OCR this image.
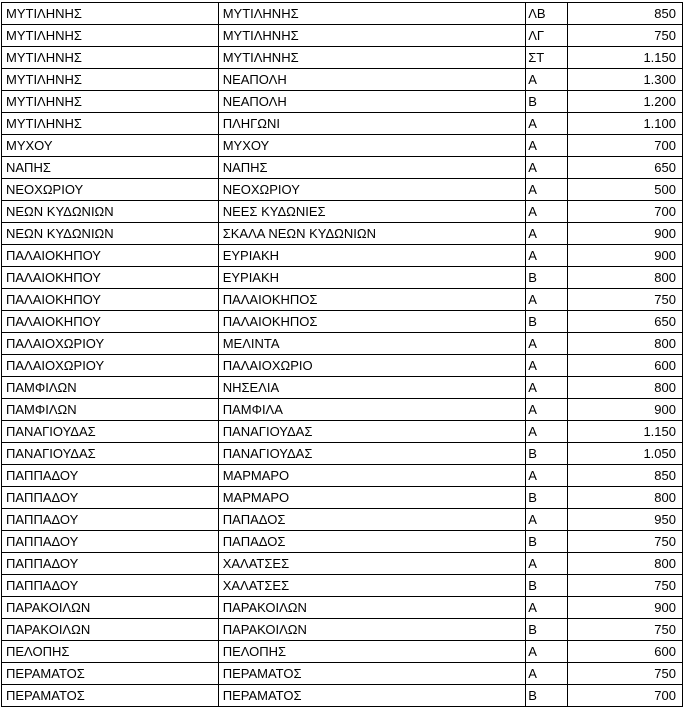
ΜΥΤΙΛΗΝΗΣ	ΜΥΤΙΛΗΝΗΣ	ΛΒ	850
ΜΥΤΙΛΗΝΗΣ	ΜΥΤΙΛΗΝΗΣ	ΛΓ	750
ΜΥΤΙΛΗΝΗΣ	ΜΥΤΙΛΗΝΗΣ	ΣΤ	1.150
ΜΥΤΙΛΗΝΗΣ	ΝΕΑΠΟΛΗ	Α	1.300
ΜΥΤΙΛΗΝΗΣ	ΝΕΑΠΟΛΗ	Β	1.200
ΜΥΤΙΛΗΝΗΣ	ΠΛΗΓΩΝΙ	Α	1.100
ΜΥΧΟΥ	ΜΥΧΟΥ	Α	700
ΝΑΠΗΣ	ΝΑΠΗΣ	Α	650
ΝΕΟΧΩΡΙΟΥ	ΝΕΟΧΩΡΙΟΥ	Α	500
ΝΕΩΝ ΚΥΔΩΝΙΩΝ	ΝΕΕΣ ΚΥΔΩΝΙΕΣ	Α	700
ΝΕΩΝ ΚΥΔΩΝΙΩΝ	ΣΚΑΛΑ ΝΕΩΝ ΚΥΔΩΝΙΩΝ	Α	900
ΠΑΛΑΙΟΚΗΠΟΥ	ΕΥΡΙΑΚΗ	Α	900
ΠΑΛΑΙΟΚΗΠΟΥ	ΕΥΡΙΑΚΗ	Β	800
ΠΑΛΑΙΟΚΗΠΟΥ	ΠΑΛΑΙΟΚΗΠΟΣ	Α	750
ΠΑΛΑΙΟΚΗΠΟΥ	ΠΑΛΑΙΟΚΗΠΟΣ	Β	650
ΠΑΛΑΙΟΧΩΡΙΟΥ	ΜΕΛΙΝΤΑ	Α	800
ΠΑΛΑΙΟΧΩΡΙΟΥ	ΠΑΛΑΙΟΧΩΡΙΟ	Α	600
ΠΑΜΦΙΛΩΝ	ΝΗΣΕΛΙΑ	Α	800
ΠΑΜΦΙΛΩΝ	ΠΑΜΦΙΛΑ	Α	900
ΠΑΝΑΓΙΟΥΔΑΣ	ΠΑΝΑΓΙΟΥΔΑΣ	Α	1.150
ΠΑΝΑΓΙΟΥΔΑΣ	ΠΑΝΑΓΙΟΥΔΑΣ	Β	1.050
ΠΑΠΠΑΔΟΥ	ΜΑΡΜΑΡΟ	Α	850
ΠΑΠΠΑΔΟΥ	ΜΑΡΜΑΡΟ	Β	800
ΠΑΠΠΑΔΟΥ	ΠΑΠΑΔΟΣ	Α	950
ΠΑΠΠΑΔΟΥ	ΠΑΠΑΔΟΣ	Β	750
ΠΑΠΠΑΔΟΥ	ΧΑΛΑΤΣΕΣ	Α	800
ΠΑΠΠΑΔΟΥ	ΧΑΛΑΤΣΕΣ	Β	750
ΠΑΡΑΚΟΙΛΩΝ	ΠΑΡΑΚΟΙΛΩΝ	Α	900
ΠΑΡΑΚΟΙΛΩΝ	ΠΑΡΑΚΟΙΛΩΝ	Β	750
ΠΕΛΟΠΗΣ	ΠΕΛΟΠΗΣ	Α	600
ΠΕΡΑΜΑΤΟΣ	ΠΕΡΑΜΑΤΟΣ	Α	750
ΠΕΡΑΜΑΤΟΣ	ΠΕΡΑΜΑΤΟΣ	Β	700
